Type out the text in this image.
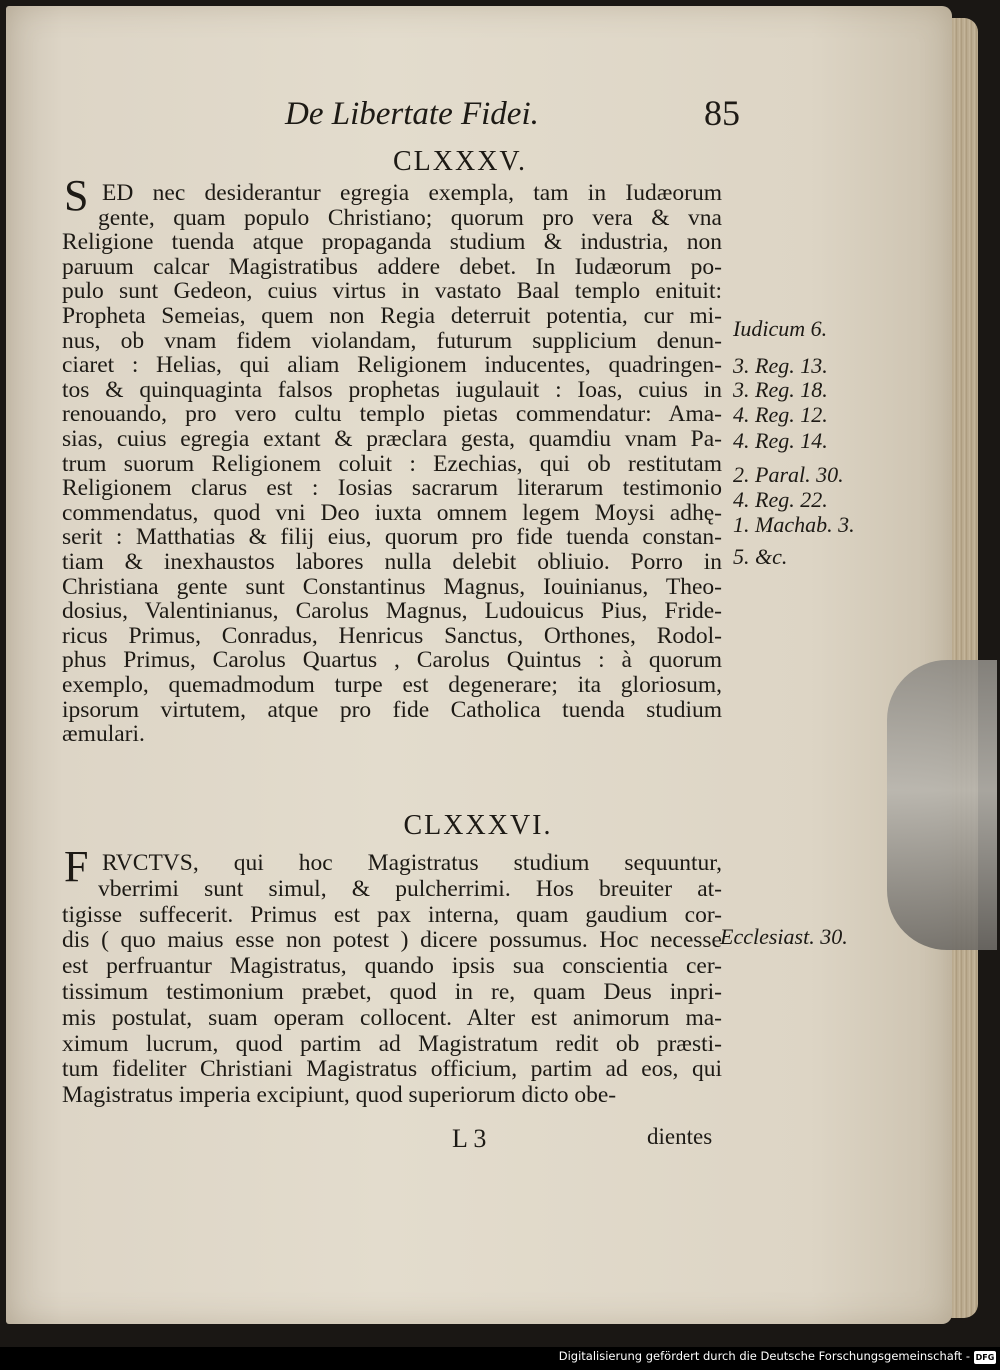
De Libertate Fidei.	85
CLXXXV.
S ED nec desiderantur egregia exempla, tam in Iudæorum
gente, quam populo Christiano; quorum pro vera & vna
Religione tuenda atque propaganda studium & industria, non
paruum calcar Magistratibus addere debet. In Iudæorum po-
pulo sunt Gedeon, cuius virtus in vastato Baal templo enituit:
Propheta Semeias, quem non Regia deterruit potentia, cur mi-
nus, ob vnam fidem violandam, futurum supplicium denun-
ciaret : Helias, qui aliam Religionem inducentes, quadringen-
tos & quinquaginta falsos prophetas iugulauit : Ioas, cuius in
renouando, pro vero cultu templo pietas commendatur: Ama-
sias, cuius egregia extant & præclara gesta, quamdiu vnam Pa-
trum suorum Religionem coluit : Ezechias, qui ob restitutam
Religionem clarus est : Iosias sacrarum literarum testimonio
commendatus, quod vni Deo iuxta omnem legem Moysi adhę-
serit : Matthatias & filij eius, quorum pro fide tuenda constan-
tiam & inexhaustos labores nulla delebit obliuio. Porro in
Christiana gente sunt Constantinus Magnus, Iouinianus, Theo-
dosius, Valentinianus, Carolus Magnus, Ludouicus Pius, Fride-
ricus Primus, Conradus, Henricus Sanctus, Orthones, Rodol-
phus Primus, Carolus Quartus , Carolus Quintus : à quorum
exemplo, quemadmodum turpe est degenerare; ita gloriosum,
ipsorum virtutem, atque pro fide Catholica tuenda studium
æmulari.
CLXXXVI.
F RVCTVS, qui hoc Magistratus studium sequuntur,
vberrimi sunt simul, & pulcherrimi. Hos breuiter at-
tigisse suffecerit. Primus est pax interna, quam gaudium cor-
dis ( quo maius esse non potest ) dicere possumus. Hoc necesse
est perfruantur Magistratus, quando ipsis sua conscientia cer-
tissimum testimonium præbet, quod in re, quam Deus inpri-
mis postulat, suam operam collocent. Alter est animorum ma-
ximum lucrum, quod partim ad Magistratum redit ob præsti-
tum fideliter Christiani Magistratus officium, partim ad eos, qui
Magistratus imperia excipiunt, quod superiorum dicto obe-
Iudicum 6.
3. Reg. 13.
3. Reg. 18.
4. Reg. 12.
4. Reg. 14.
2. Paral. 30.
4. Reg. 22.
1. Machab. 3.
5. &c.
Ecclesiast. 30.
L 3	dientes
Digitalisierung gefördert durch die Deutsche Forschungsgemeinschaft - DFG
